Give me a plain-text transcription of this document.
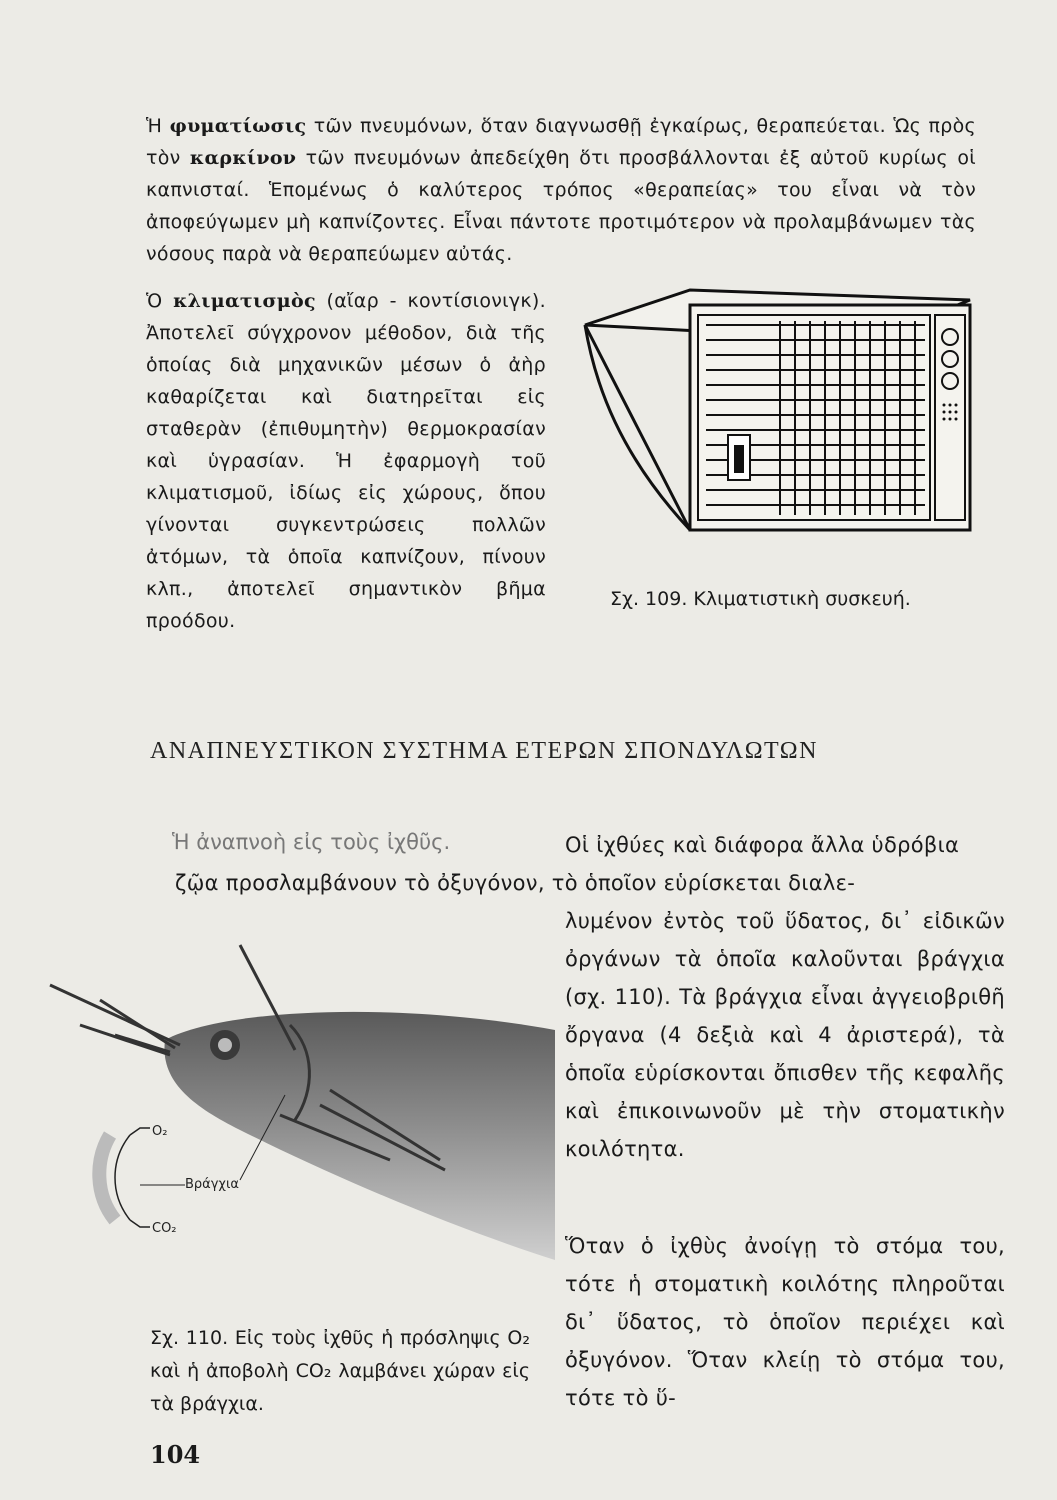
Ἡ φυματίωσις τῶν πνευμόνων, ὅταν διαγνωσθῇ ἐγκαίρως, θεραπεύεται. Ὡς πρὸς τὸν καρκίνον τῶν πνευμόνων ἀπεδείχθη ὅτι προσβάλλονται ἐξ αὐτοῦ κυρίως οἱ καπνισταί. Ἑπομένως ὁ καλύτερος τρόπος «θεραπείας» του εἶναι νὰ τὸν ἀποφεύγωμεν μὴ καπνίζοντες. Εἶναι πάντοτε προτιμότερον νὰ προλαμβάνωμεν τὰς νόσους παρὰ νὰ θεραπεύωμεν αὐτάς.
Ὁ κλιματισμὸς (αἴαρ - κοντίσιονιγκ). Ἀποτελεῖ σύγχρονον μέθοδον, διὰ τῆς ὁποίας διὰ μηχανικῶν μέσων ὁ ἀὴρ καθαρίζεται καὶ διατηρεῖται εἰς σταθερὰν (ἐπιθυμητὴν) θερμοκρασίαν καὶ ὑγρασίαν. Ἡ ἐφαρμογὴ τοῦ κλιματισμοῦ, ἰδίως εἰς χώρους, ὅπου γίνονται συγκεντρώσεις πολλῶν ἀτόμων, τὰ ὁποῖα καπνίζουν, πίνουν κλπ., ἀποτελεῖ σημαντικὸν βῆμα προόδου.
Σχ. 109. Κλιματιστικὴ συσκευή.
ΑΝΑΠΝΕΥΣΤΙΚΟΝ ΣΥΣΤΗΜΑ ΕΤΕΡΩΝ ΣΠΟΝΔΥΛΩΤΩΝ
Ἡ ἀναπνοὴ εἰς τοὺς ἰχθῦς.	Οἱ ἰχθύες καὶ διάφορα ἄλλα ὑδρόβια
ζῷα προσλαμβάνουν τὸ ὀξυγόνον, τὸ ὁποῖον εὑρίσκεται διαλε-
λυμένον ἐντὸς τοῦ ὕδατος, δι᾽ εἰδικῶν ὀργάνων τὰ ὁποῖα καλοῦνται βράγχια (σχ. 110). Τὰ βράγχια εἶναι ἀγγειοβριθῆ ὄργανα (4 δεξιὰ καὶ 4 ἀριστερά), τὰ ὁποῖα εὑρίσκονται ὄπισθεν τῆς κεφαλῆς καὶ ἐπικοινωνοῦν μὲ τὴν στοματικὴν κοιλότητα.
Ὅταν ὁ ἰχθὺς ἀνοίγῃ τὸ στόμα του, τότε ἡ στοματικὴ κοιλότης πληροῦται δι᾽ ὕδατος, τὸ ὁποῖον περιέχει καὶ ὀξυγόνον. Ὅταν κλείῃ τὸ στόμα του, τότε τὸ ὕ-
O₂
CO₂
Βράγχια
Σχ. 110. Εἰς τοὺς ἰχθῦς ἡ πρόσληψις O₂ καὶ ἡ ἀποβολὴ CO₂ λαμβάνει χώραν εἰς τὰ βράγχια.
104
